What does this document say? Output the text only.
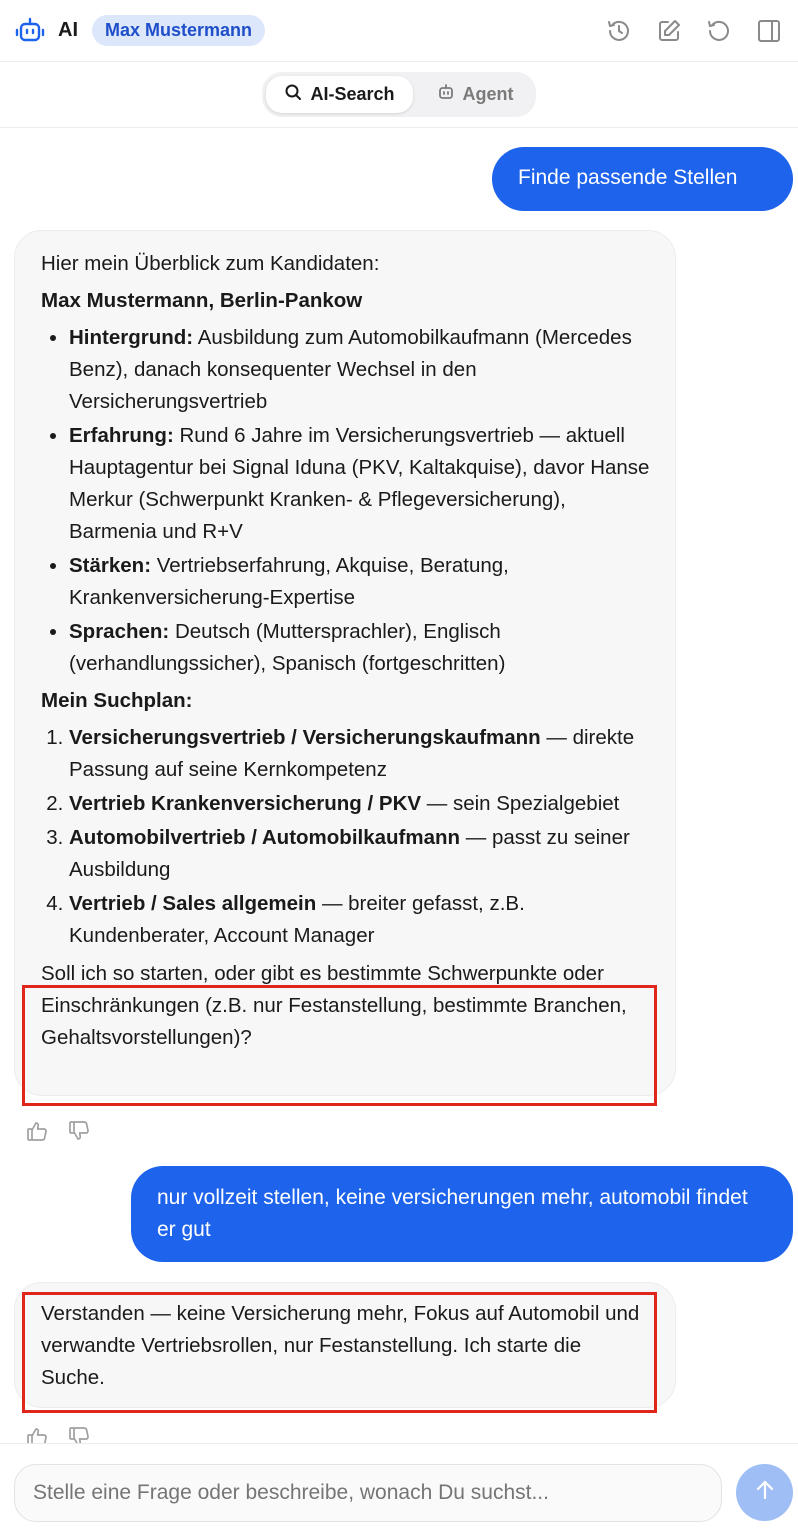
AI	Max Mustermann
AI-Search	Agent
Finde passende Stellen

Hier mein Überblick zum Kandidaten:

Max Mustermann, Berlin-Pankow

• Hintergrund: Ausbildung zum Automobilkaufmann (Mercedes Benz), danach konsequenter Wechsel in den Versicherungsvertrieb
• Erfahrung: Rund 6 Jahre im Versicherungsvertrieb — aktuell Hauptagentur bei Signal Iduna (PKV, Kaltakquise), davor Hanse Merkur (Schwerpunkt Kranken- & Pflegeversicherung), Barmenia und R+V
• Stärken: Vertriebserfahrung, Akquise, Beratung, Krankenversicherung-Expertise
• Sprachen: Deutsch (Muttersprachler), Englisch (verhandlungssicher), Spanisch (fortgeschritten)

Mein Suchplan:

1. Versicherungsvertrieb / Versicherungskaufmann — direkte Passung auf seine Kernkompetenz
2. Vertrieb Krankenversicherung / PKV — sein Spezialgebiet
3. Automobilvertrieb / Automobilkaufmann — passt zu seiner Ausbildung
4. Vertrieb / Sales allgemein — breiter gefasst, z.B. Kundenberater, Account Manager

Soll ich so starten, oder gibt es bestimmte Schwerpunkte oder Einschränkungen (z.B. nur Festanstellung, bestimmte Branchen, Gehaltsvorstellungen)?

nur vollzeit stellen, keine versicherungen mehr, automobil findet er gut

Verstanden — keine Versicherung mehr, Fokus auf Automobil und verwandte Vertriebsrollen, nur Festanstellung. Ich starte die Suche.

Stelle eine Frage oder beschreibe, wonach Du suchst...
